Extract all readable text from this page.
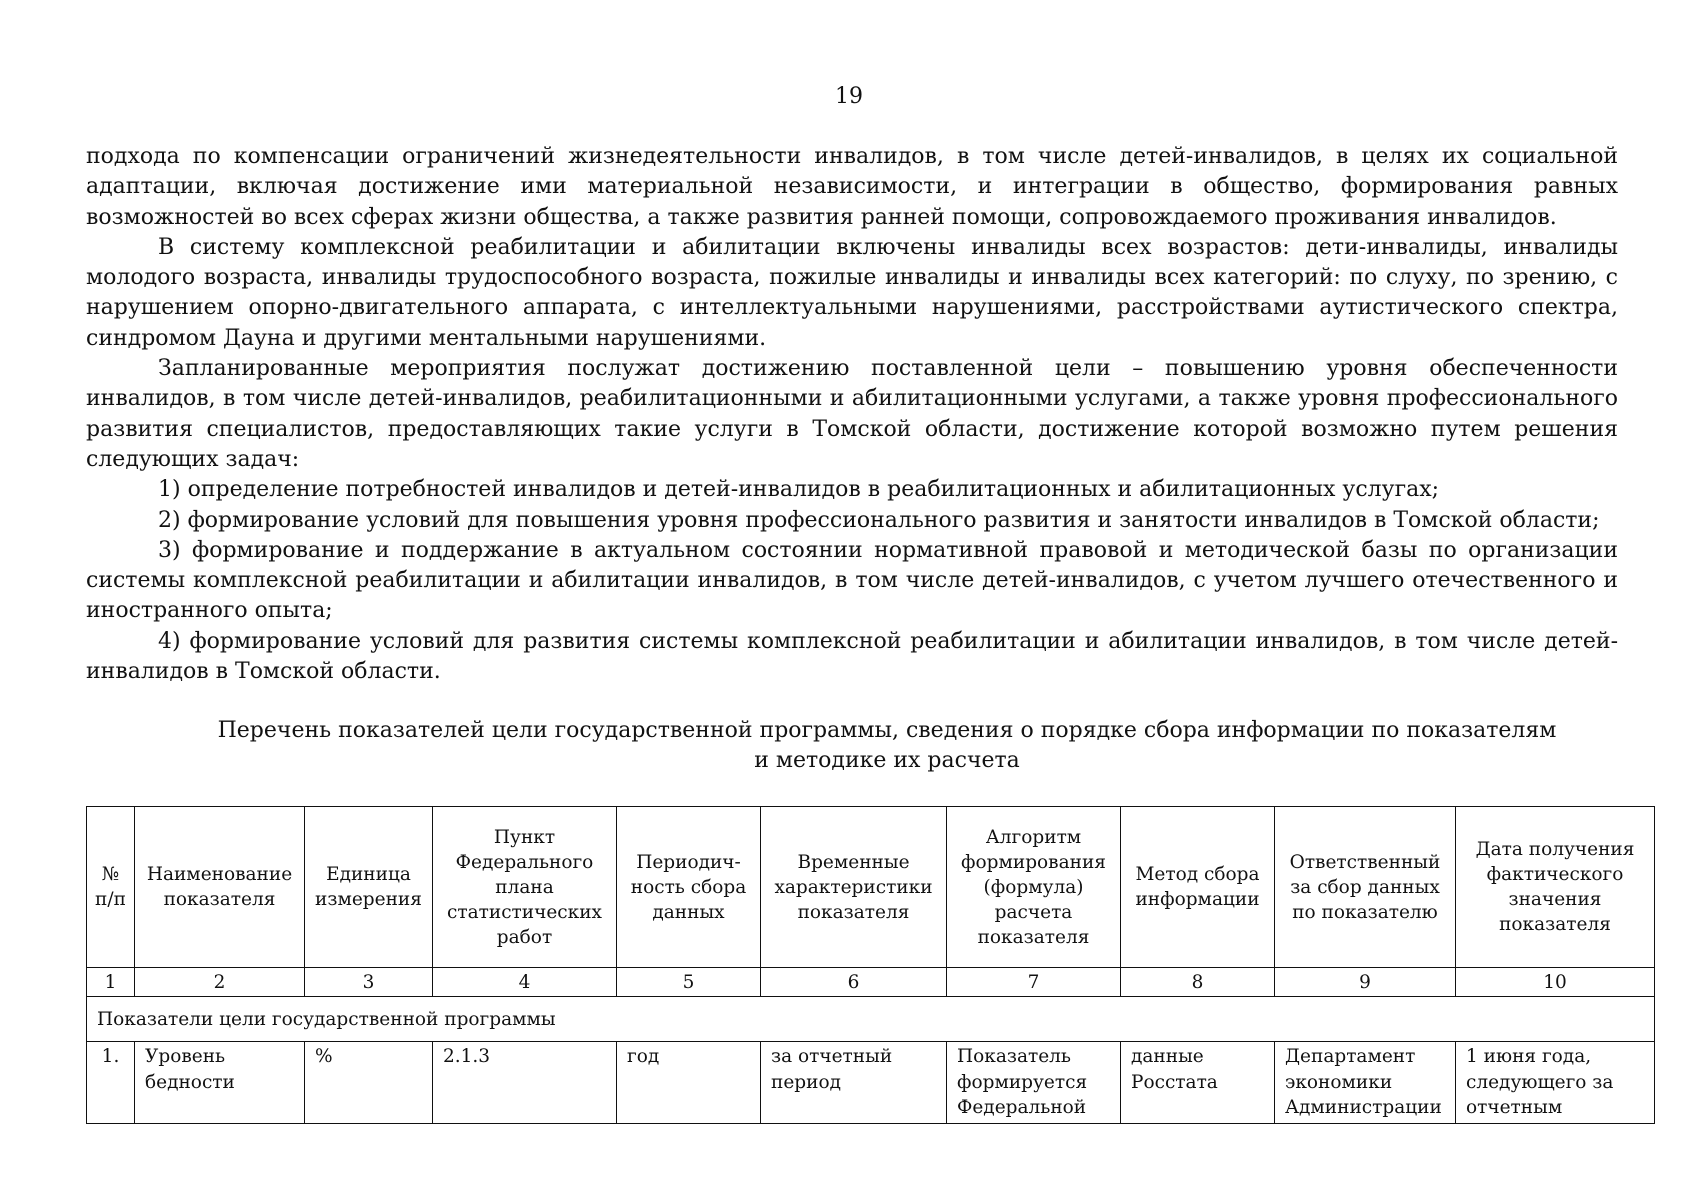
19

подхода по компенсации ограничений жизнедеятельности инвалидов, в том числе детей-инвалидов, в целях их социальной адаптации, включая достижение ими материальной независимости, и интеграции в общество, формирования равных возможностей во всех сферах жизни общества, а также развития ранней помощи, сопровождаемого проживания инвалидов.

В систему комплексной реабилитации и абилитации включены инвалиды всех возрастов: дети-инвалиды, инвалиды молодого возраста, инвалиды трудоспособного возраста, пожилые инвалиды и инвалиды всех категорий: по слуху, по зрению, с нарушением опорно-двигательного аппарата, с интеллектуальными нарушениями, расстройствами аутистического спектра, синдромом Дауна и другими ментальными нарушениями.

Запланированные мероприятия послужат достижению поставленной цели – повышению уровня обеспеченности инвалидов, в том числе детей-инвалидов, реабилитационными и абилитационными услугами, а также уровня профессионального развития специалистов, предоставляющих такие услуги в Томской области, достижение которой возможно путем решения следующих задач:

1) определение потребностей инвалидов и детей-инвалидов в реабилитационных и абилитационных услугах;

2) формирование условий для повышения уровня профессионального развития и занятости инвалидов в Томской области;

3) формирование и поддержание в актуальном состоянии нормативной правовой и методической базы по организации системы комплексной реабилитации и абилитации инвалидов, в том числе детей-инвалидов, с учетом лучшего отечественного и иностранного опыта;

4) формирование условий для развития системы комплексной реабилитации и абилитации инвалидов, в том числе детей-инвалидов в Томской области.

Перечень показателей цели государственной программы, сведения о порядке сбора информации по показателям
и методике их расчета
№ п/п	Наименование показателя	Единица измерения	Пункт Федерального плана статистических работ	Периодич-ность сбора данных	Временные характеристики показателя	Алгоритм формирования (формула) расчета показателя	Метод сбора информации	Ответственный за сбор данных по показателю	Дата получения фактического значения показателя
1	2	3	4	5	6	7	8	9	10
Показатели цели государственной программы									
1.	Уровень бедности	%	2.1.3	год	за отчетный период	Показатель формируется Федеральной	данные Росстата	Департамент экономики Администрации	1 июня года, следующего за отчетным
